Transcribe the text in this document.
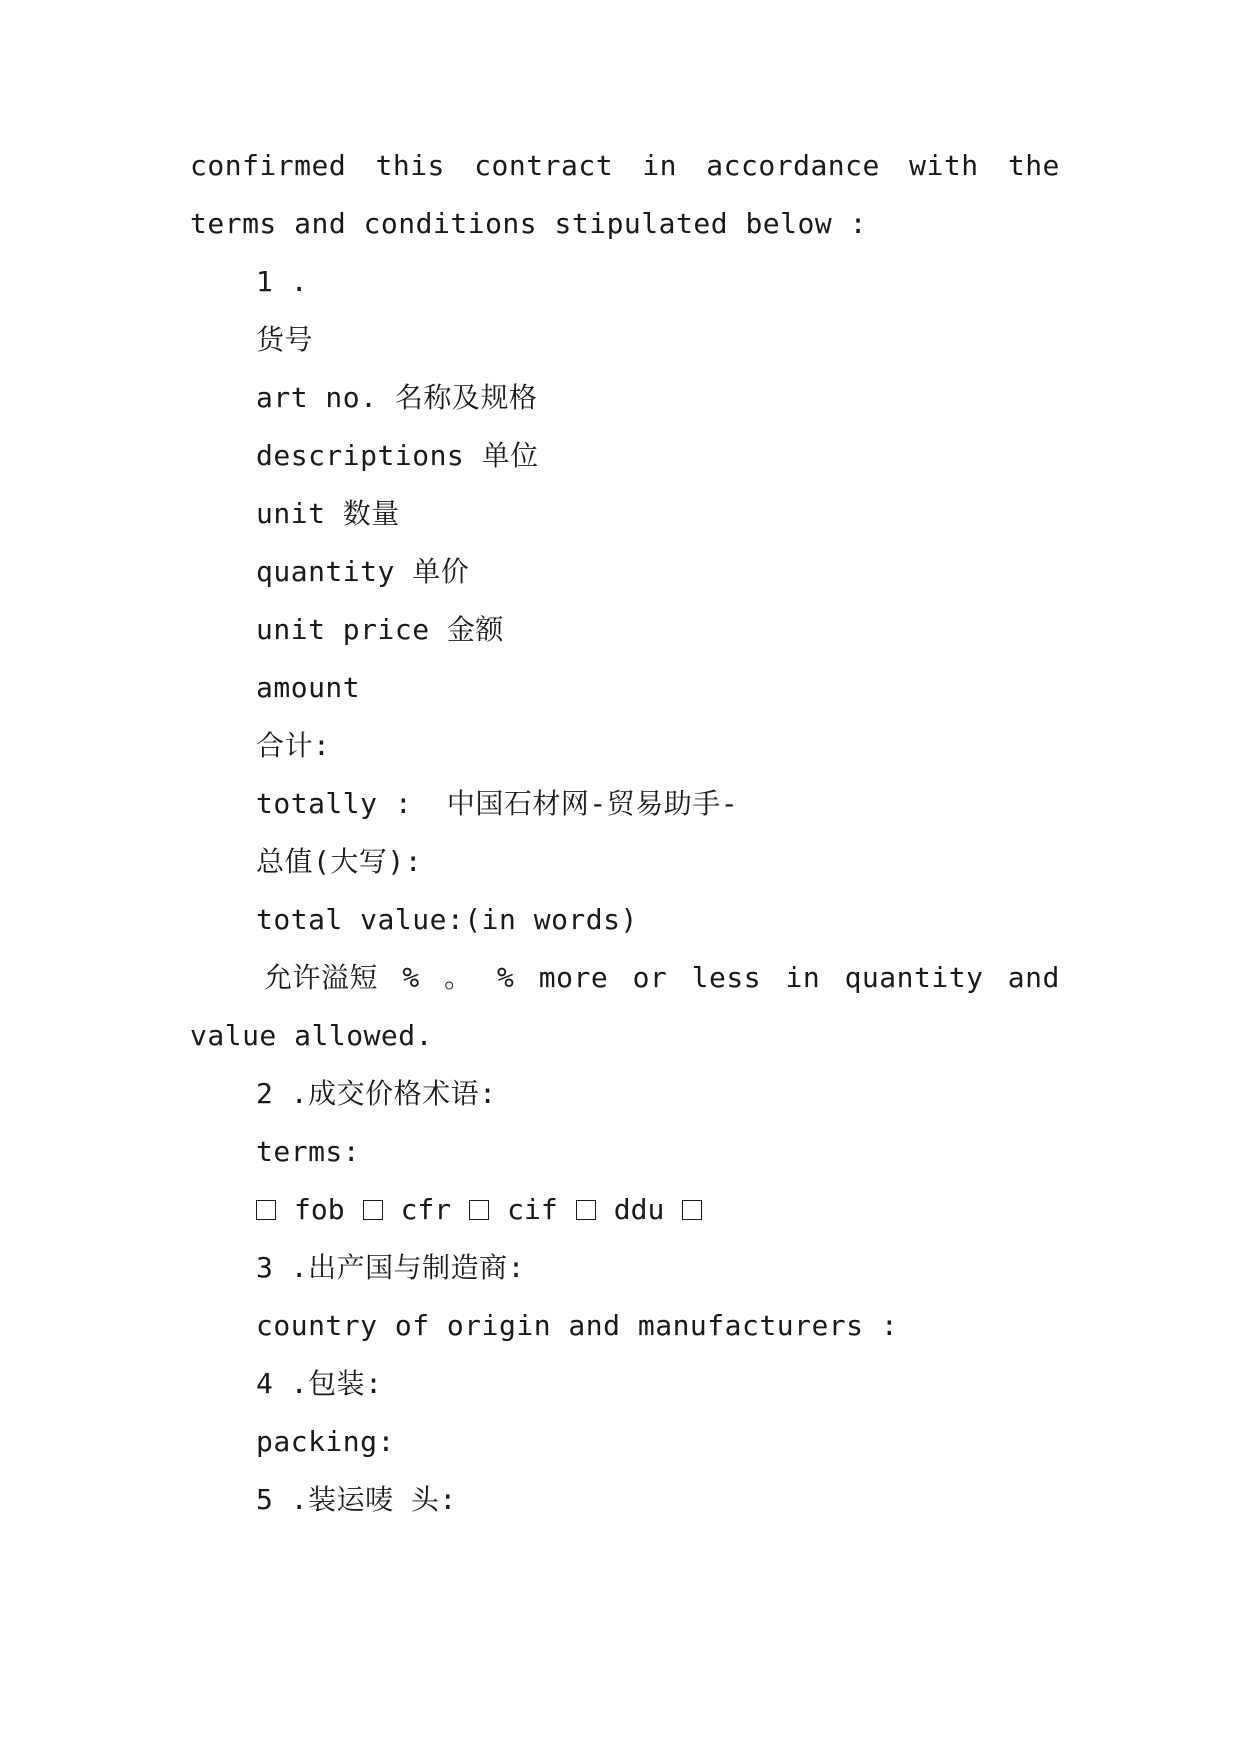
confirmed this contract in accordance with the
terms and conditions stipulated below :
1 .
货号
art no. 名称及规格
descriptions 单位
unit 数量
quantity 单价
unit price 金额
amount
合计:
totally :  中国石材网-贸易助手-
总值(大写):
total value:(in words)
允许溢短 % 。 % more or less in quantity and
value allowed.
2 .成交价格术语:
terms:
fob cfr cif ddu
3 .出产国与制造商:
country of origin and manufacturers :
4 .包装:
packing:
5 .装运唛 头:
